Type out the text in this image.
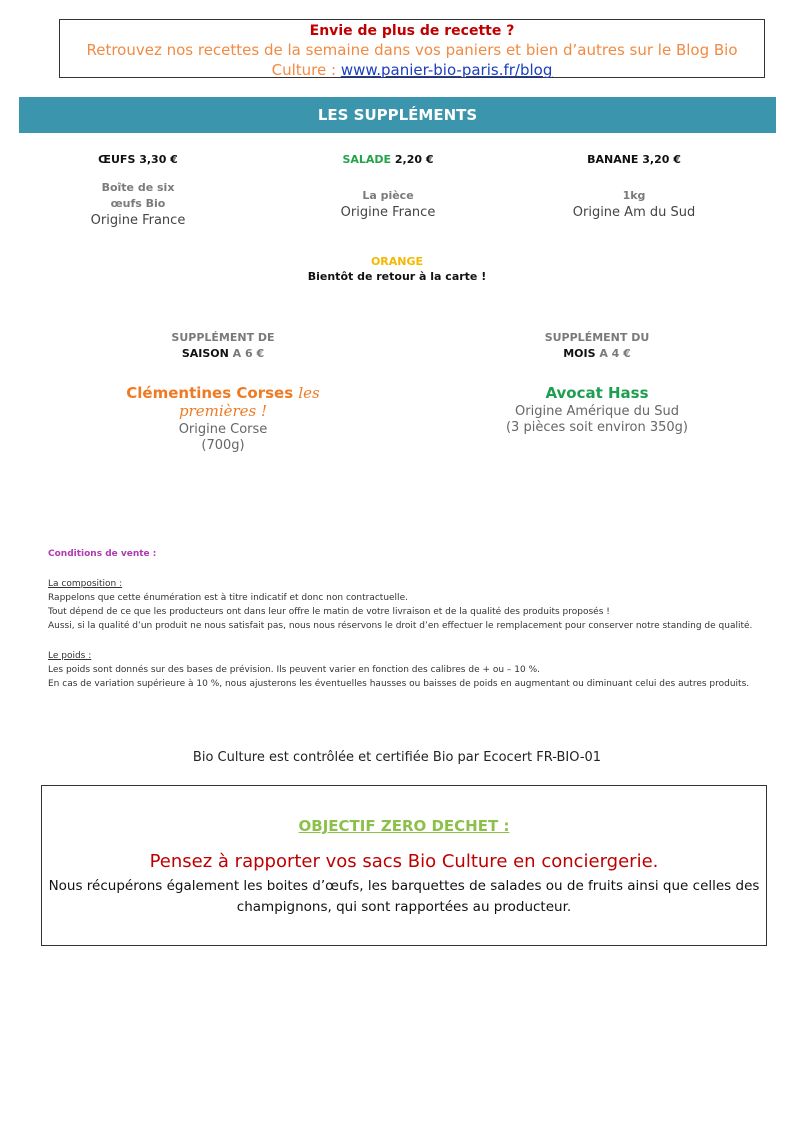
Envie de plus de recette ?
Retrouvez nos recettes de la semaine dans vos paniers et bien d’autres sur le Blog Bio Culture : www.panier-bio-paris.fr/blog
LES SUPPLÉMENTS
ŒUFS 3,30 €
Boîte de six œufs Bio
Origine France
SALADE 2,20 €
La pièce
Origine France
BANANE 3,20 €
1kg
Origine Am du Sud
ORANGE
Bientôt de retour à la carte !
SUPPLÉMENT DE
SAISON A 6 €
Clémentines Corses les premières !
Origine Corse
(700g)
SUPPLÉMENT DU
MOIS A 4 €
Avocat Hass
Origine Amérique du Sud
(3 pièces soit environ 350g)
Conditions de vente :
La composition :
Rappelons que cette énumération est à titre indicatif et donc non contractuelle.
Tout dépend de ce que les producteurs ont dans leur offre le matin de votre livraison et de la qualité des produits proposés !
Aussi, si la qualité d’un produit ne nous satisfait pas, nous nous réservons le droit d’en effectuer le remplacement pour conserver notre standing de qualité.
Le poids :
Les poids sont donnés sur des bases de prévision. Ils peuvent varier en fonction des calibres de + ou – 10 %.
En cas de variation supérieure à 10 %, nous ajusterons les éventuelles hausses ou baisses de poids en augmentant ou diminuant celui des autres produits.
Bio Culture est contrôlée et certifiée Bio par Ecocert FR-BIO-01
OBJECTIF ZERO DECHET :
Pensez à rapporter vos sacs Bio Culture en conciergerie.
Nous récupérons également les boites d’œufs, les barquettes de salades ou de fruits ainsi que celles des champignons, qui sont rapportées au producteur.
